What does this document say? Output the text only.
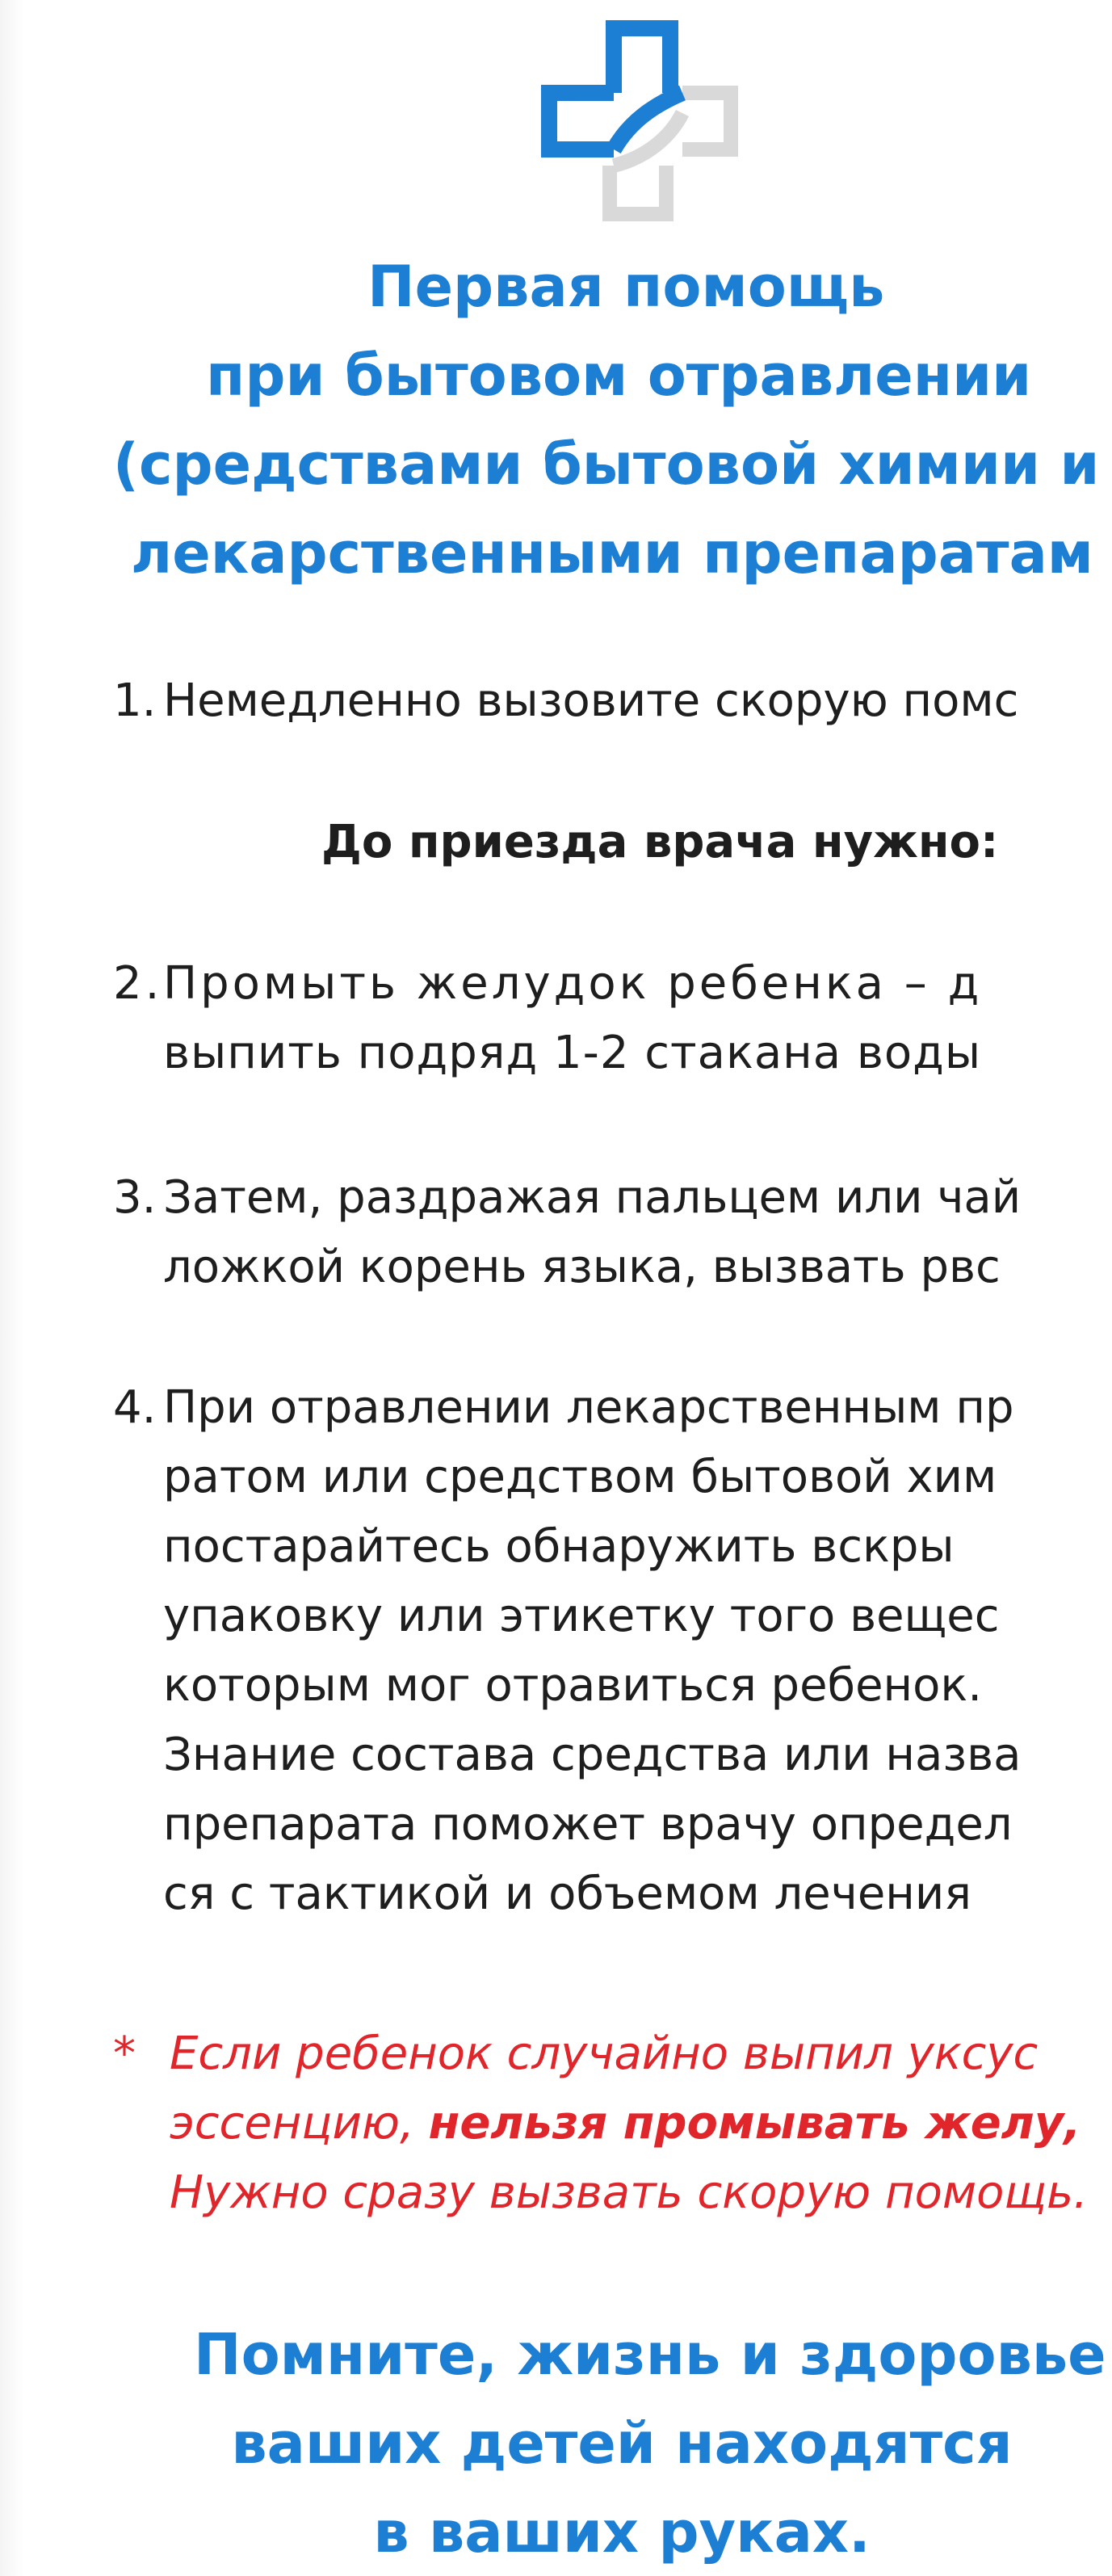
Первая помощь
при бытовом отравлении
(средствами бытовой химии и
лекарственными препаратам
1. Немедленно вызовите скорую помс
До приезда врача нужно:
2. Промыть желудок ребенка – д
выпить подряд 1-2 стакана воды
3. Затем, раздражая пальцем или чай
ложкой корень языка, вызвать рвс
4. При отравлении лекарственным пр
ратом или средством бытовой хим
постарайтесь обнаружить вскры
упаковку или этикетку того вещес
которым мог отравиться ребенок.
Знание состава средства или назва
препарата поможет врачу определ
ся с тактикой и объемом лечения
* Если ребенок случайно выпил уксус
эссенцию, нельзя промывать желу,
Нужно сразу вызвать скорую помощь.
Помните, жизнь и здоровье
ваших детей находятся
в ваших руках.
